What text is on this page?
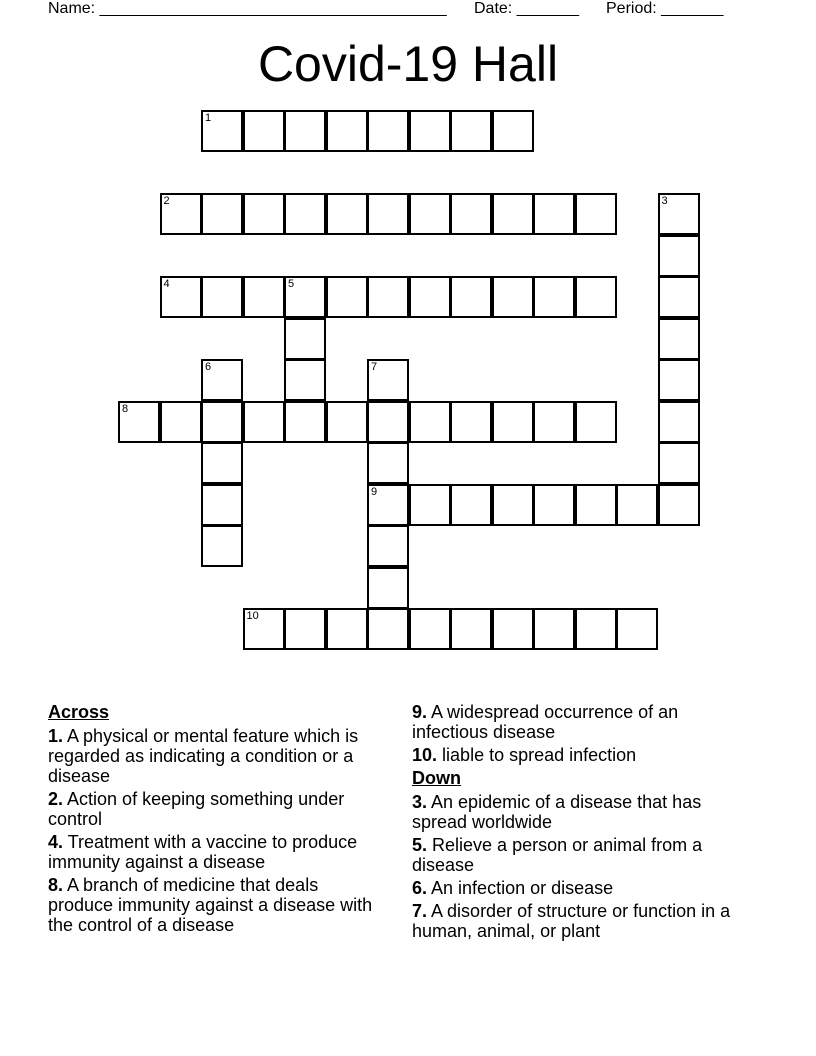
Name: _______________________________________ Date: _______ Period: _______
Covid-19 Hall
1
2	3
4	5
6	7
9
8
10
Across
1. A physical or mental feature which is regarded as indicating a condition or a disease
2. Action of keeping something under control
4. Treatment with a vaccine to produce immunity against a disease
8. A branch of medicine that deals produce immunity against a disease with the control of a disease
9. A widespread occurrence of an infectious disease
10. liable to spread infection
Down
3. An epidemic of a disease that has spread worldwide
5. Relieve a person or animal from a disease
6. An infection or disease
7. A disorder of structure or function in a human, animal, or plant
